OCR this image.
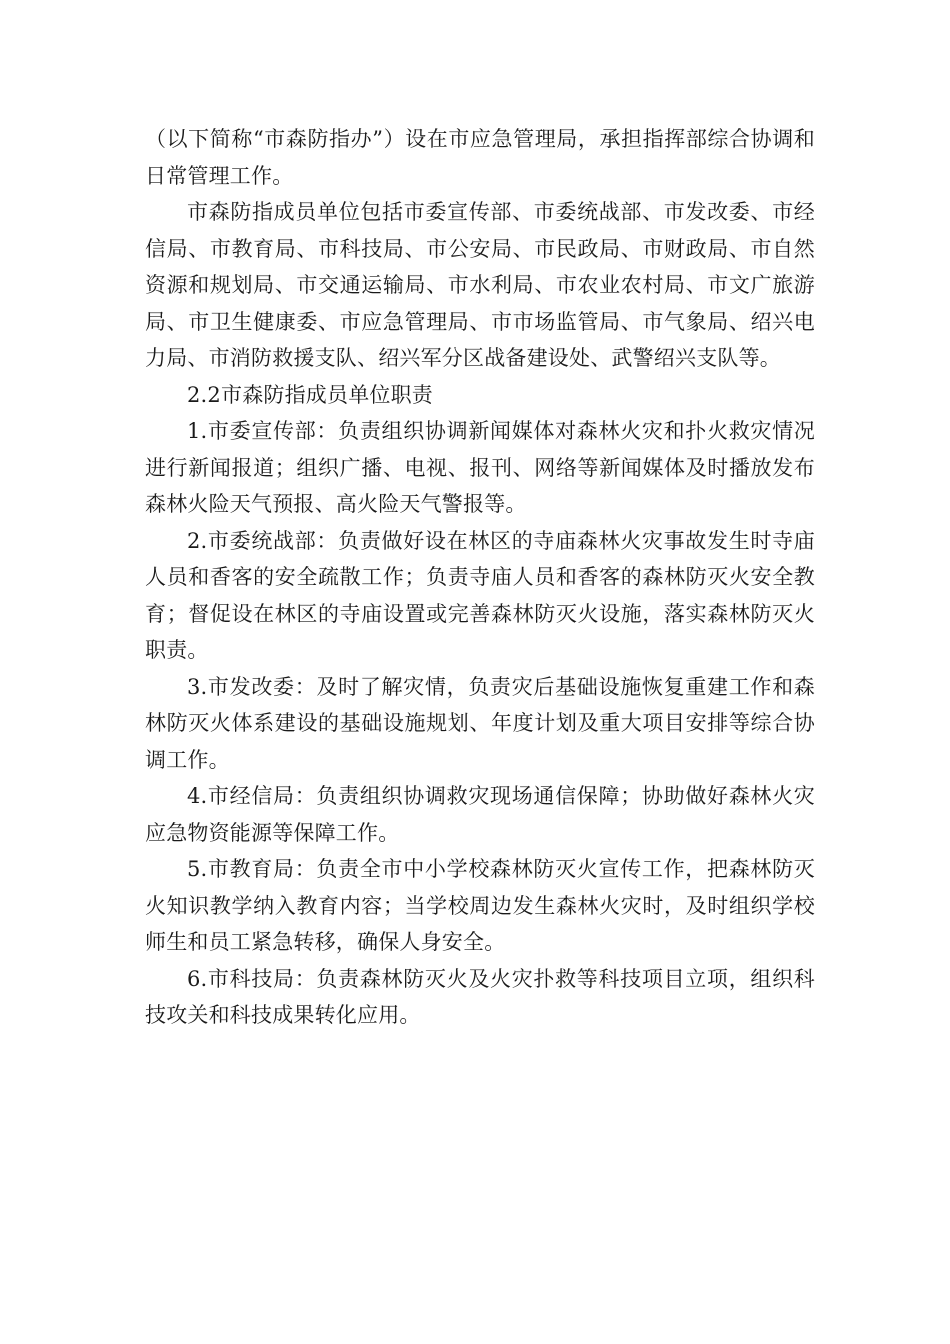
（以下简称“市森防指办”）设在市应急管理局，承担指挥部综合协调和日常管理工作。

市森防指成员单位包括市委宣传部、市委统战部、市发改委、市经信局、市教育局、市科技局、市公安局、市民政局、市财政局、市自然资源和规划局、市交通运输局、市水利局、市农业农村局、市文广旅游局、市卫生健康委、市应急管理局、市市场监管局、市气象局、绍兴电力局、市消防救援支队、绍兴军分区战备建设处、武警绍兴支队等。

2.2市森防指成员单位职责

1.市委宣传部：负责组织协调新闻媒体对森林火灾和扑火救灾情况进行新闻报道；组织广播、电视、报刊、网络等新闻媒体及时播放发布森林火险天气预报、高火险天气警报等。

2.市委统战部：负责做好设在林区的寺庙森林火灾事故发生时寺庙人员和香客的安全疏散工作；负责寺庙人员和香客的森林防灭火安全教育；督促设在林区的寺庙设置或完善森林防灭火设施，落实森林防灭火职责。

3.市发改委：及时了解灾情，负责灾后基础设施恢复重建工作和森林防灭火体系建设的基础设施规划、年度计划及重大项目安排等综合协调工作。

4.市经信局：负责组织协调救灾现场通信保障；协助做好森林火灾应急物资能源等保障工作。

5.市教育局：负责全市中小学校森林防灭火宣传工作，把森林防灭火知识教学纳入教育内容；当学校周边发生森林火灾时，及时组织学校师生和员工紧急转移，确保人身安全。

6.市科技局：负责森林防灭火及火灾扑救等科技项目立项，组织科技攻关和科技成果转化应用。
